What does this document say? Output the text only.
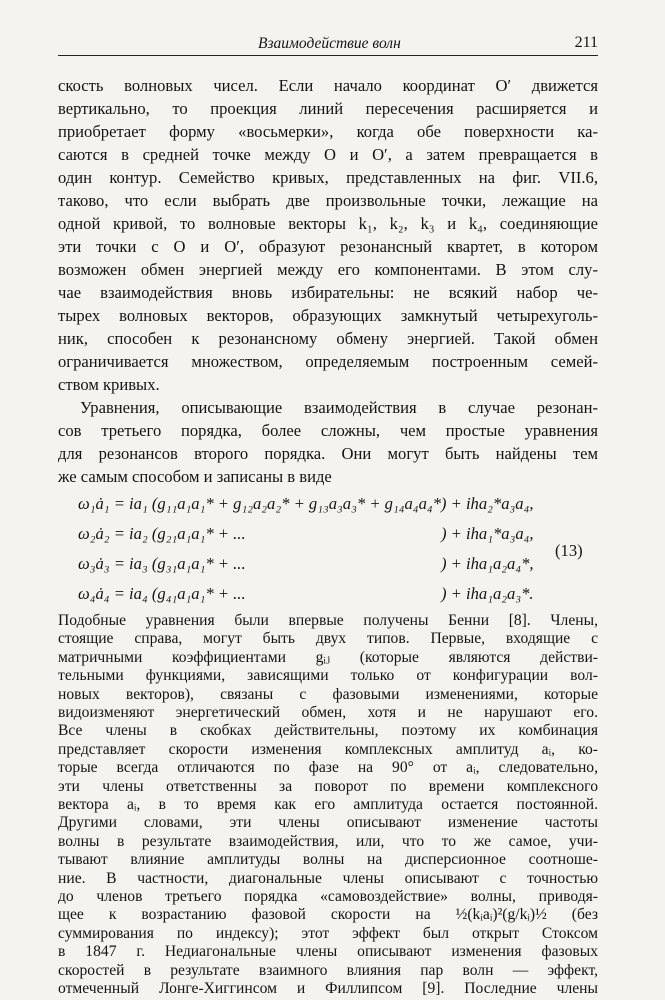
Взаимодействие волн	211
скость волновых чисел. Если начало координат O′ движется
вертикально, то проекция линий пересечения расширяется и
приобретает форму «восьмерки», когда обе поверхности ка-
саются в средней точке между O и O′, а затем превращается в
один контур. Семейство кривых, представленных на фиг. VII.6,
таково, что если выбрать две произвольные точки, лежащие на
одной кривой, то волновые векторы k₁, k₂, k₃ и k₄, соединяющие
эти точки с O и O′, образуют резонансный квартет, в котором
возможен обмен энергией между его компонентами. В этом слу-
чае взаимодействия вновь избирательны: не всякий набор че-
тырех волновых векторов, образующих замкнутый четырехуголь-
ник, способен к резонансному обмену энергией. Такой обмен
ограничивается множеством, определяемым построенным семей-
ством кривых.
Уравнения, описывающие взаимодействия в случае резонан-
сов третьего порядка, более сложны, чем простые уравнения
для резонансов второго порядка. Они могут быть найдены тем
же самым способом и записаны в виде
ω₁ȧ₁ = ia₁ (g₁₁a₁a₁* + g₁₂a₂a₂* + g₁₃a₃a₃* + g₁₄a₄a₄*) + iha₂*a₃a₄,
ω₂ȧ₂ = ia₂ (g₂₁a₁a₁* + ...	) + iha₁*a₃a₄,
ω₃ȧ₃ = ia₃ (g₃₁a₁a₁* + ...	) + iha₁a₂a₄*,
ω₄ȧ₄ = ia₄ (g₄₁a₁a₁* + ...	) + iha₁a₂a₃*.
(13)
Подобные уравнения были впервые получены Бенни [8]. Члены,
стоящие справа, могут быть двух типов. Первые, входящие с
матричными коэффициентами gᵢⱼ (которые являются действи-
тельными функциями, зависящими только от конфигурации вол-
новых векторов), связаны с фазовыми изменениями, которые
видоизменяют энергетический обмен, хотя и не нарушают его.
Все члены в скобках действительны, поэтому их комбинация
представляет скорости изменения комплексных амплитуд aᵢ, ко-
торые всегда отличаются по фазе на 90° от aᵢ, следовательно,
эти члены ответственны за поворот по времени комплексного
вектора aᵢ, в то время как его амплитуда остается постоянной.
Другими словами, эти члены описывают изменение частоты
волны в результате взаимодействия, или, что то же самое, учи-
тывают влияние амплитуды волны на дисперсионное соотноше-
ние. В частности, диагональные члены описывают с точностью
до членов третьего порядка «самовоздействие» волны, приводя-
щее к возрастанию фазовой скорости на ½(kᵢaᵢ)²(g/kᵢ)½ (без
суммирования по индексу); этот эффект был открыт Стоксом
в 1847 г. Недиагональные члены описывают изменения фазовых
скоростей в результате взаимного влияния пар волн — эффект,
отмеченный Лонге-Хиггинсом и Филлипсом [9]. Последние члены
